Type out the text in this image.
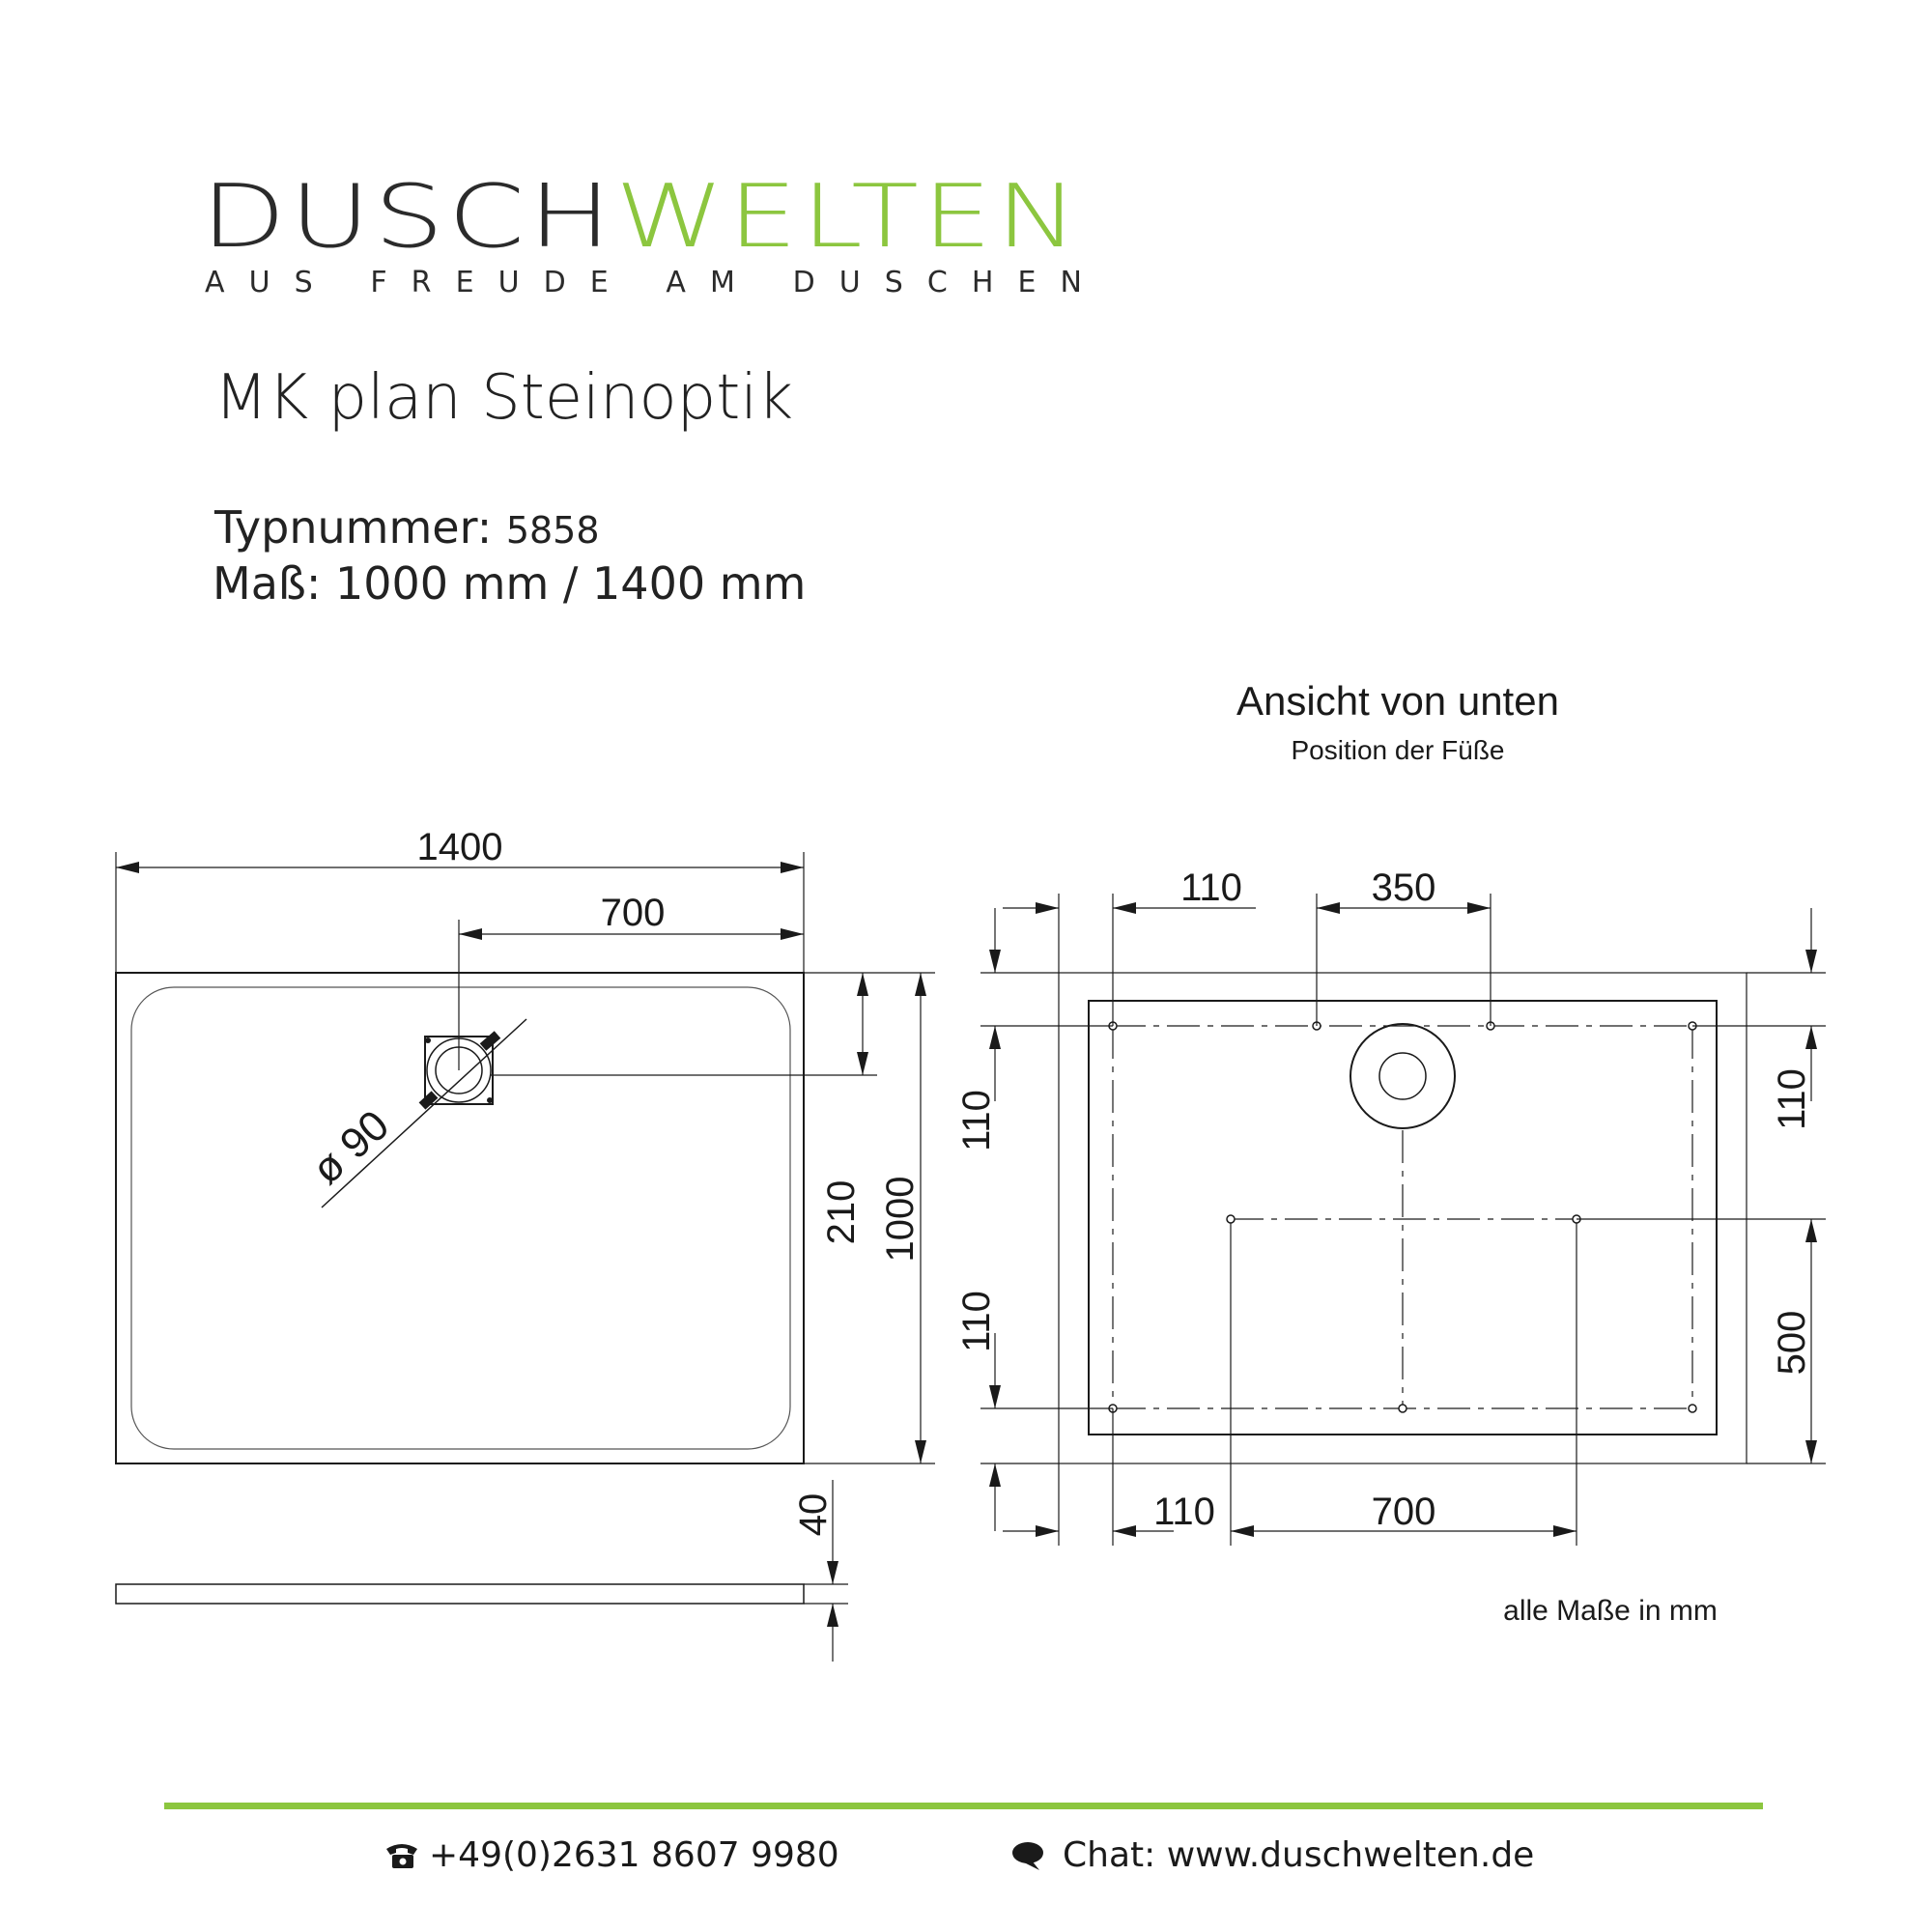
DUSCH WELTEN
AUS FREUDE AM DUSCHEN
MK plan Steinoptik
Typnummer: 5858
Maß: 1000 mm / 1400 mm
1400
700
ø 90
210 1000
40
Ansicht von unten
Position der Füße
110	350
110
110
110
500
110	700
alle Maße in mm
+49(0)2631 8607 9980	Chat: www.duschwelten.de
